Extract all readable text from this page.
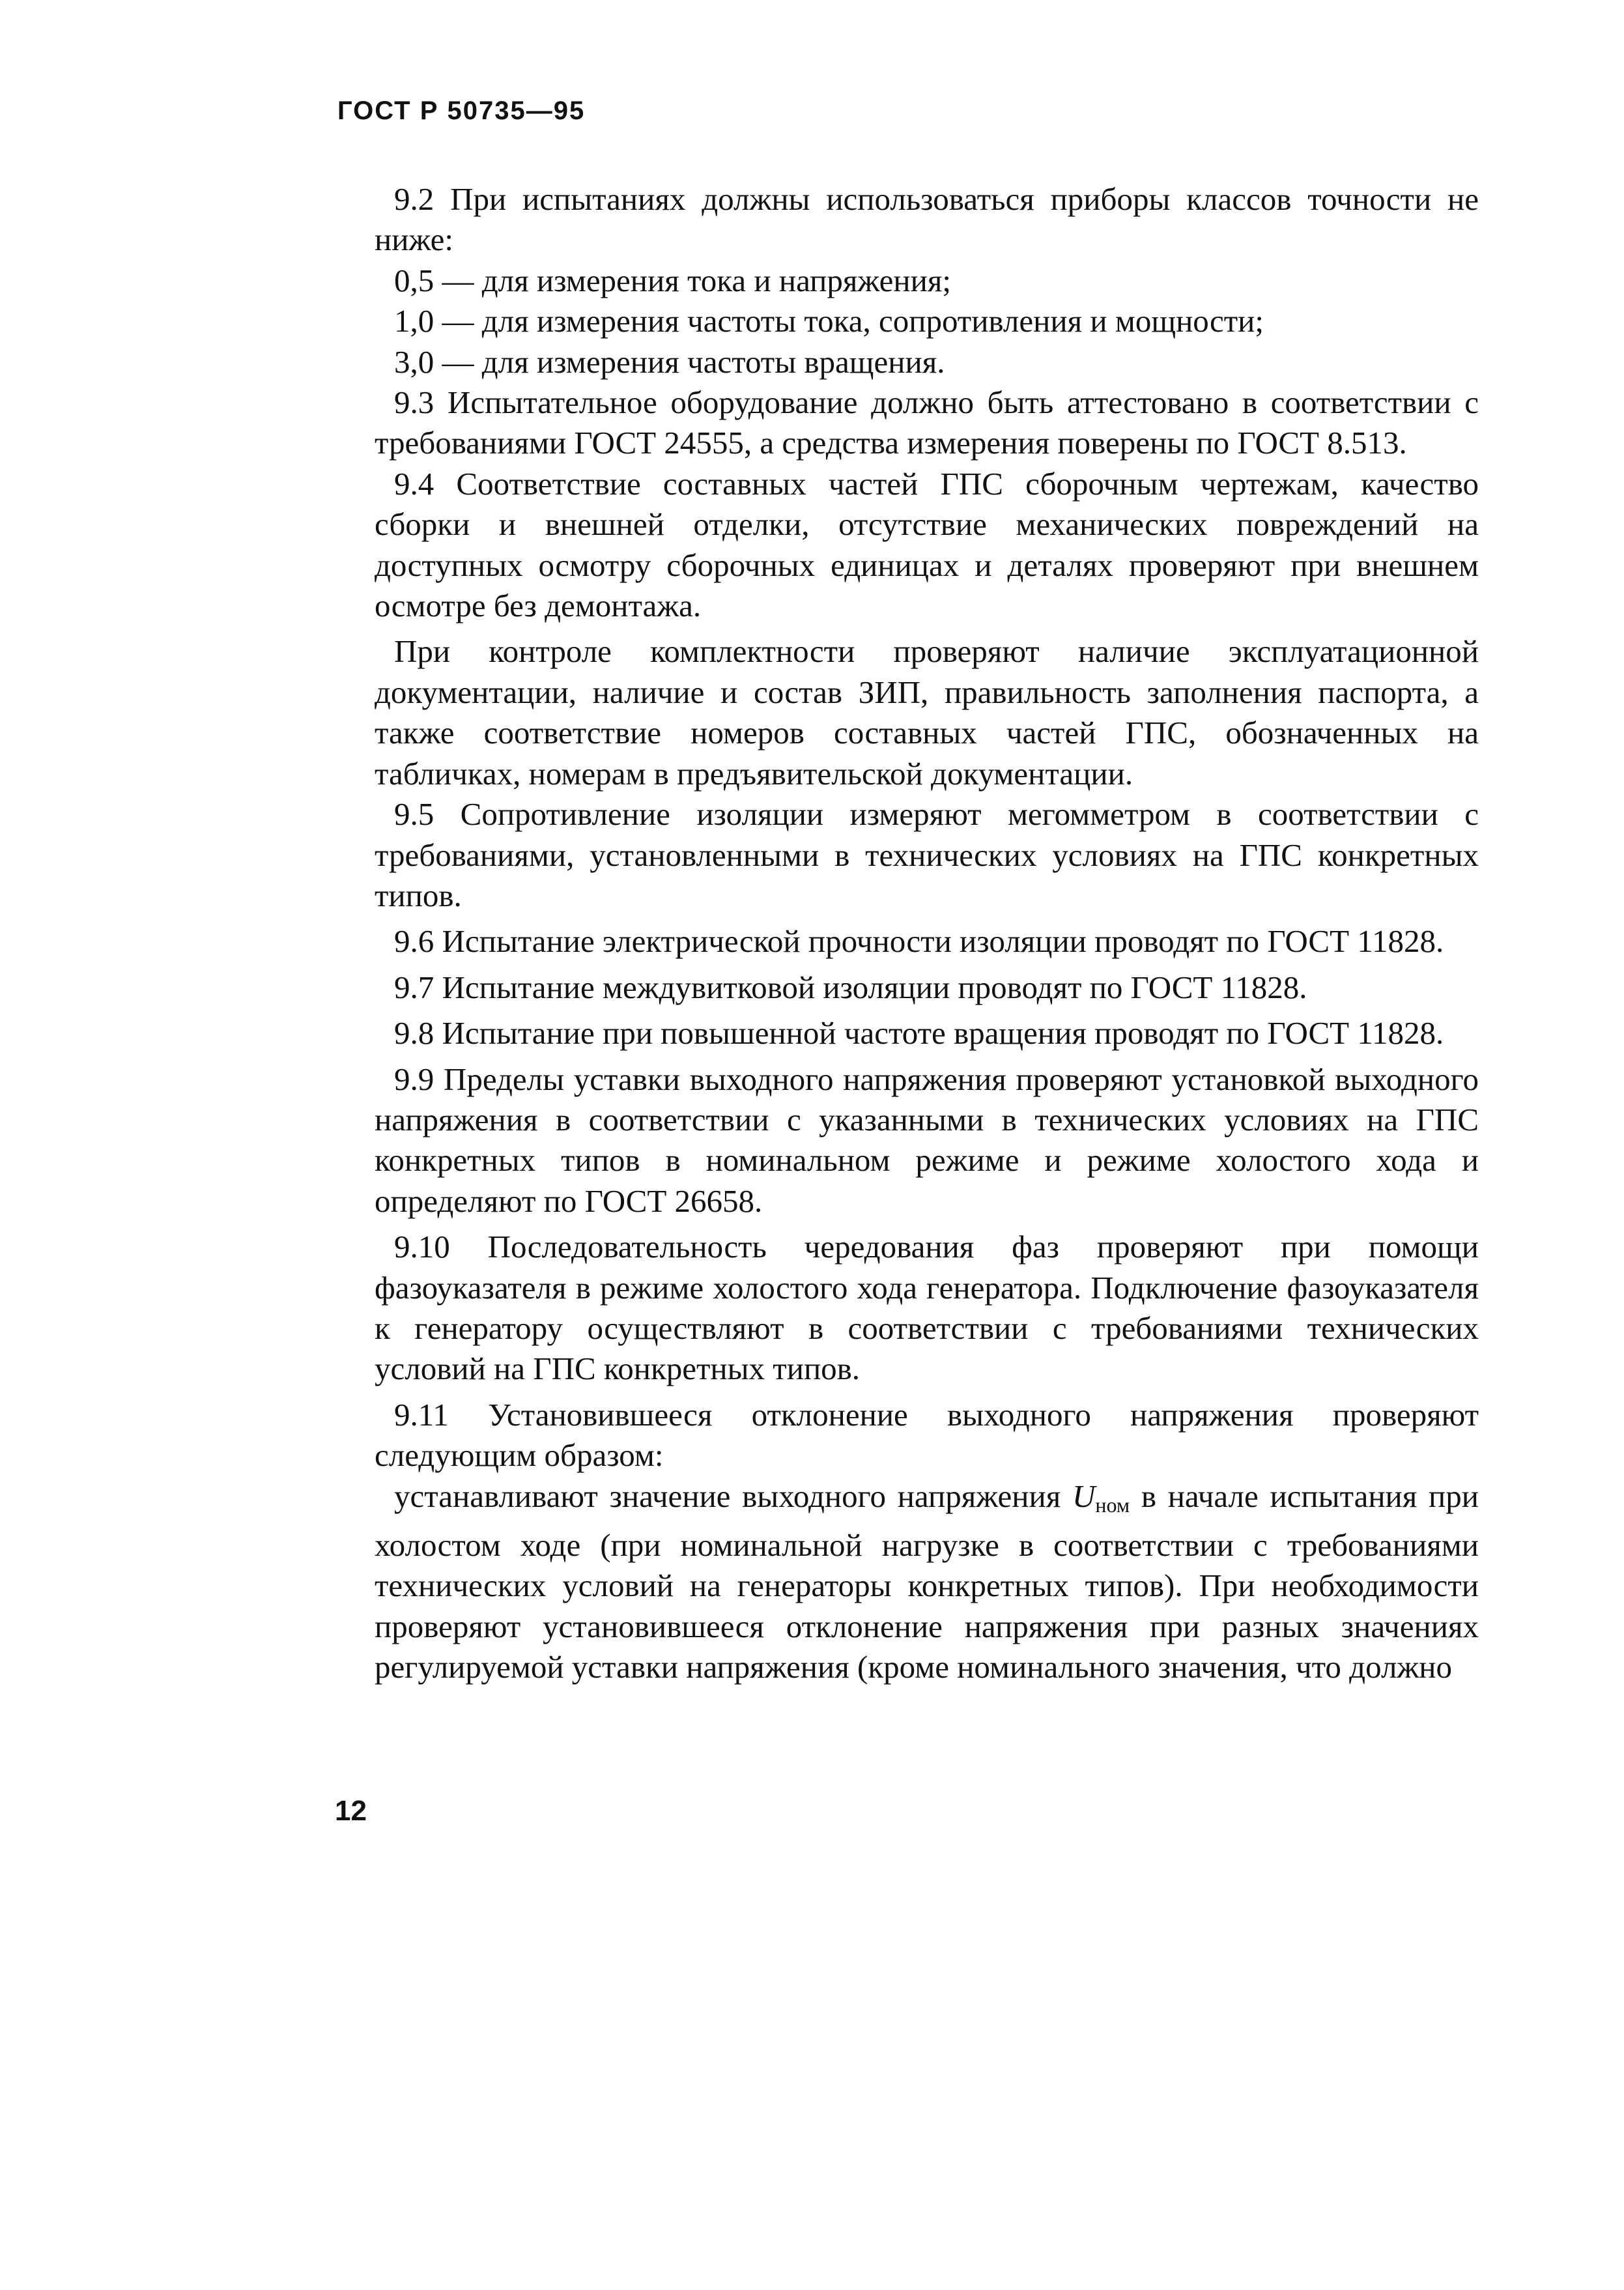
ГОСТ Р 50735—95

9.2 При испытаниях должны использоваться приборы классов точности не ниже:

0,5 — для измерения тока и напряжения;

1,0 — для измерения частоты тока, сопротивления и мощности;

3,0 — для измерения частоты вращения.

9.3 Испытательное оборудование должно быть аттестовано в соответствии с требованиями ГОСТ 24555, а средства измерения поверены по ГОСТ 8.513.

9.4 Соответствие составных частей ГПС сборочным чертежам, качество сборки и внешней отделки, отсутствие механических повреждений на доступных осмотру сборочных единицах и деталях проверяют при внешнем осмотре без демонтажа.

При контроле комплектности проверяют наличие эксплуатационной документации, наличие и состав ЗИП, правильность заполнения паспорта, а также соответствие номеров составных частей ГПС, обозначенных на табличках, номерам в предъявительской документации.

9.5 Сопротивление изоляции измеряют мегомметром в соответствии с требованиями, установленными в технических условиях на ГПС конкретных типов.

9.6 Испытание электрической прочности изоляции проводят по ГОСТ 11828.

9.7 Испытание междувитковой изоляции проводят по ГОСТ 11828.

9.8 Испытание при повышенной частоте вращения проводят по ГОСТ 11828.

9.9 Пределы уставки выходного напряжения проверяют установкой выходного напряжения в соответствии с указанными в технических условиях на ГПС конкретных типов в номинальном режиме и режиме холостого хода и определяют по ГОСТ 26658.

9.10 Последовательность чередования фаз проверяют при помощи фазоуказателя в режиме холостого хода генератора. Подключение фазоуказателя к генератору осуществляют в соответствии с требованиями технических условий на ГПС конкретных типов.

9.11 Установившееся отклонение выходного напряжения проверяют следующим образом:

устанавливают значение выходного напряжения $U_{ном}$ в начале испытания при холостом ходе (при номинальной нагрузке в соответствии с требованиями технических условий на генераторы конкретных типов). При необходимости проверяют установившееся отклонение напряжения при разных значениях регулируемой уставки напряжения (кроме номинального значения, что должно

12
